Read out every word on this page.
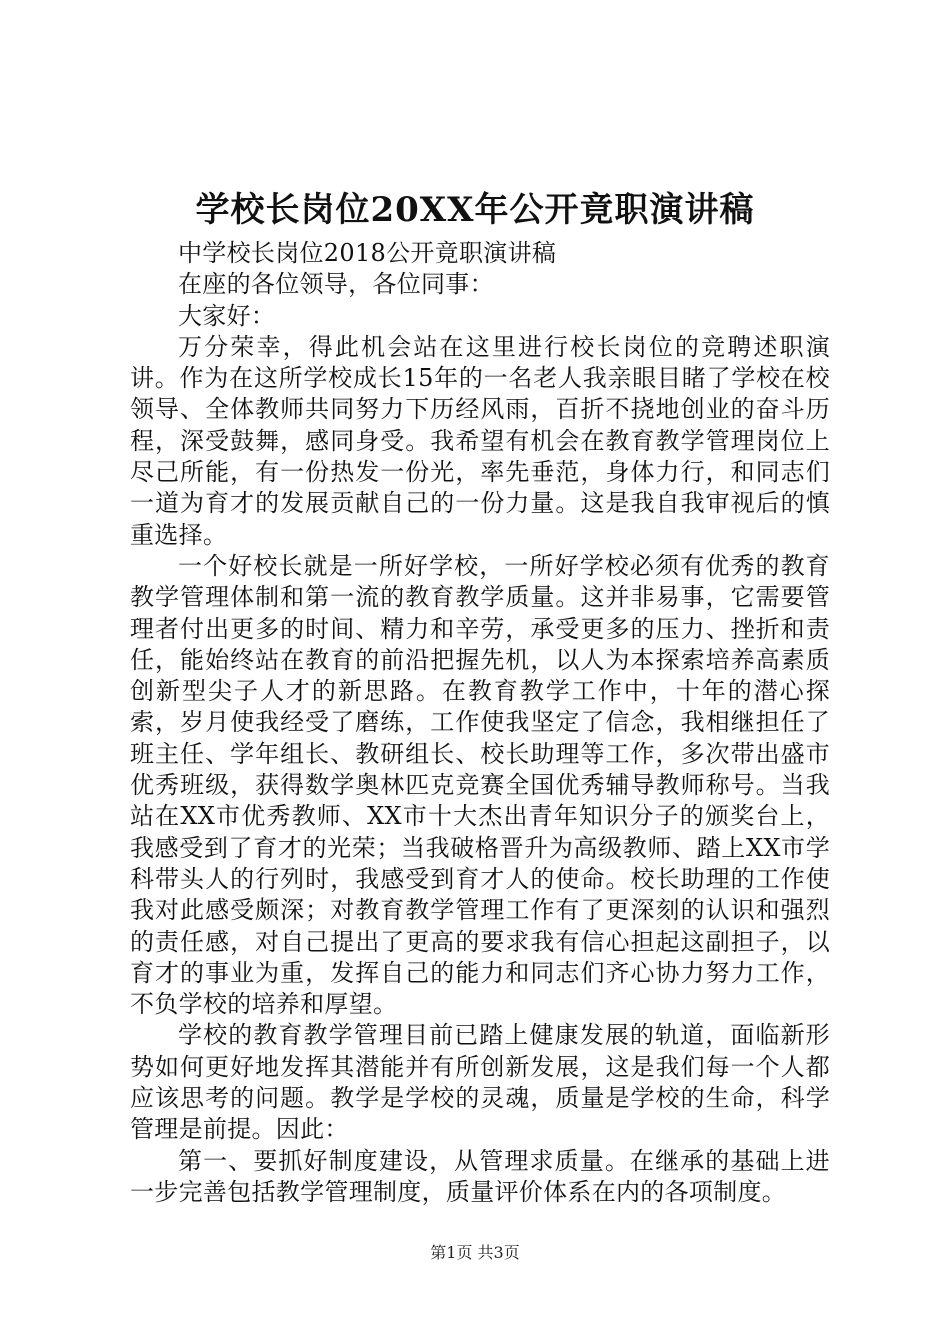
学校长岗位20XX年公开竟职演讲稿

中学校长岗位2018公开竟职演讲稿

在座的各位领导，各位同事：

大家好：

万分荣幸，得此机会站在这里进行校长岗位的竞聘述职演讲。作为在这所学校成长15年的一名老人我亲眼目睹了学校在校领导、全体教师共同努力下历经风雨，百折不挠地创业的奋斗历程，深受鼓舞，感同身受。我希望有机会在教育教学管理岗位上尽己所能，有一份热发一份光，率先垂范，身体力行，和同志们一道为育才的发展贡献自己的一份力量。这是我自我审视后的慎重选择。

一个好校长就是一所好学校，一所好学校必须有优秀的教育教学管理体制和第一流的教育教学质量。这并非易事，它需要管理者付出更多的时间、精力和辛劳，承受更多的压力、挫折和责任，能始终站在教育的前沿把握先机，以人为本探索培养高素质创新型尖子人才的新思路。在教育教学工作中，十年的潜心探索，岁月使我经受了磨练，工作使我坚定了信念，我相继担任了班主任、学年组长、教研组长、校长助理等工作，多次带出盛市优秀班级，获得数学奥林匹克竞赛全国优秀辅导教师称号。当我站在XX市优秀教师、XX市十大杰出青年知识分子的颁奖台上，我感受到了育才的光荣；当我破格晋升为高级教师、踏上XX市学科带头人的行列时，我感受到育才人的使命。校长助理的工作使我对此感受颇深；对教育教学管理工作有了更深刻的认识和强烈的责任感，对自己提出了更高的要求我有信心担起这副担子，以育才的事业为重，发挥自己的能力和同志们齐心协力努力工作，不负学校的培养和厚望。

学校的教育教学管理目前已踏上健康发展的轨道，面临新形势如何更好地发挥其潜能并有所创新发展，这是我们每一个人都应该思考的问题。教学是学校的灵魂，质量是学校的生命，科学管理是前提。因此：

第一、要抓好制度建设，从管理求质量。在继承的基础上进一步完善包括教学管理制度，质量评价体系在内的各项制度。

第1页 共3页
